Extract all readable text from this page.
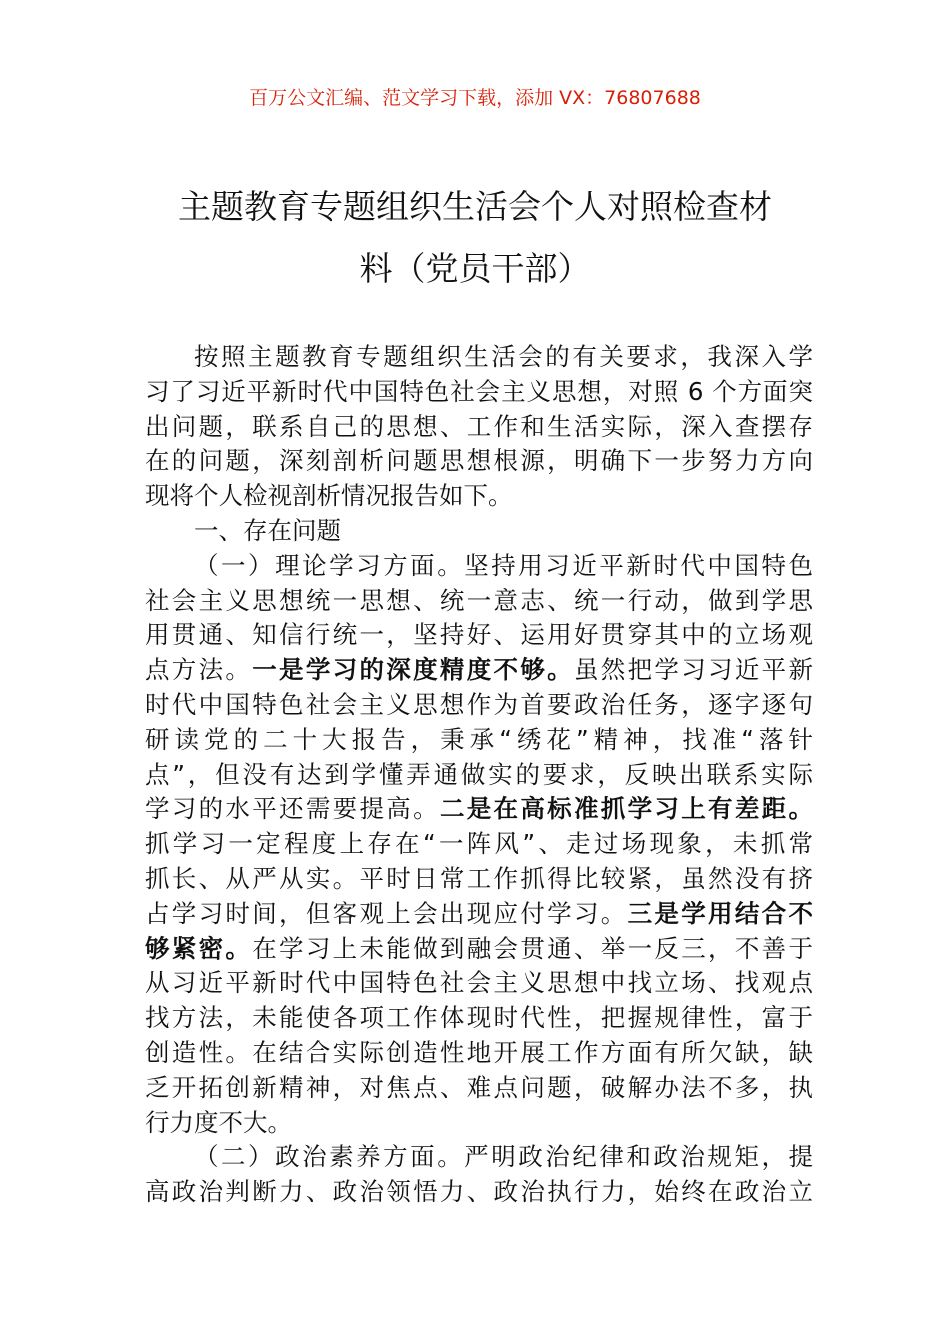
百万公文汇编、范文学习下载，添加 VX：76807688
主题教育专题组织生活会个人对照检查材
料（党员干部）
按照主题教育专题组织生活会的有关要求，我深入学
习了习近平新时代中国特色社会主义思想，对照 6 个方面突
出问题，联系自己的思想、工作和生活实际，深入查摆存
在的问题，深刻剖析问题思想根源，明确下一步努力方向
现将个人检视剖析情况报告如下。
一、存在问题
（一）理论学习方面。坚持用习近平新时代中国特色
社会主义思想统一思想、统一意志、统一行动，做到学思
用贯通、知信行统一，坚持好、运用好贯穿其中的立场观
点方法。一是学习的深度精度不够。虽然把学习习近平新
时代中国特色社会主义思想作为首要政治任务，逐字逐句
研读党的二十大报告，秉承“绣花”精神，找准“落针
点”，但没有达到学懂弄通做实的要求，反映出联系实际
学习的水平还需要提高。二是在高标准抓学习上有差距。
抓学习一定程度上存在“一阵风”、走过场现象，未抓常
抓长、从严从实。平时日常工作抓得比较紧，虽然没有挤
占学习时间，但客观上会出现应付学习。三是学用结合不
够紧密。在学习上未能做到融会贯通、举一反三，不善于
从习近平新时代中国特色社会主义思想中找立场、找观点
找方法，未能使各项工作体现时代性，把握规律性，富于
创造性。在结合实际创造性地开展工作方面有所欠缺，缺
乏开拓创新精神，对焦点、难点问题，破解办法不多，执
行力度不大。
（二）政治素养方面。严明政治纪律和政治规矩，提
高政治判断力、政治领悟力、政治执行力，始终在政治立
